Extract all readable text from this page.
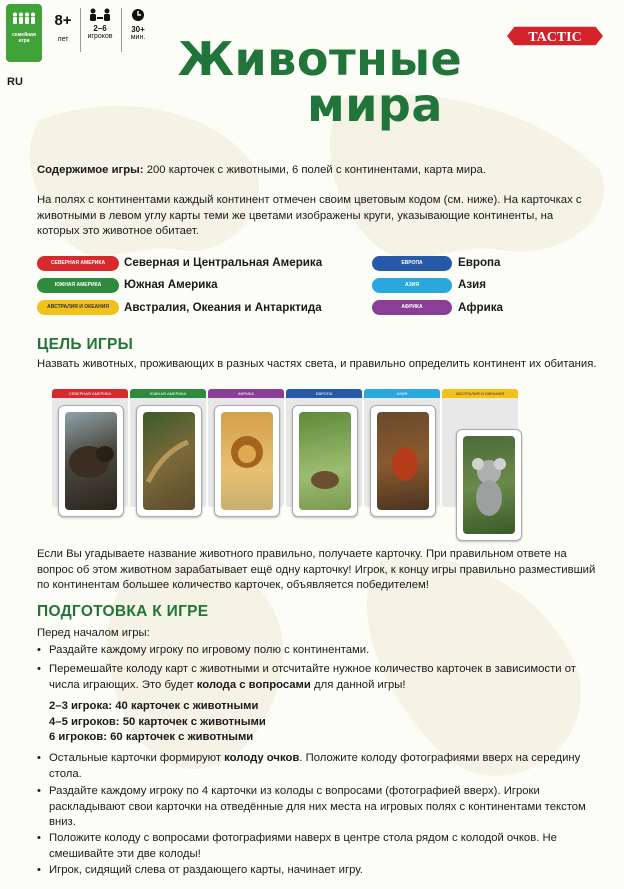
семейная игра
RU
8+
лет
2–6
игроков
30+
мин.	TACTIC
Животные
мира
Содержимое игры: 200 карточек с животными, 6 полей с континентами, карта мира.
На полях с континентами каждый континент отмечен своим цветовым кодом (см. ниже). На карточках с животными в левом углу карты теми же цветами изображены круги, указывающие континенты, на которых это животное обитает.
СЕВЕРНАЯ АМЕРИКА	Северная и Центральная Америка
ЮЖНАЯ АМЕРИКА	Южная Америка
АВСТРАЛИЯ И ОКЕАНИЯ	Австралия, Океания и Антарктида
ЕВРОПА	Европа
АЗИЯ	Азия
АФРИКА	Африка
ЦЕЛЬ ИГРЫ
Назвать животных, проживающих в разных частях света, и правильно определить континент их обитания.
СЕВЕРНАЯ АМЕРИКА	ЮЖНАЯ АМЕРИКА	АФРИКА	ЕВРОПА	АЗИЯ	АВСТРАЛИЯ И ОКЕАНИЯ
Если Вы угадываете название животного правильно, получаете карточку. При правильном ответе на вопрос об этом животном зарабатывает ещё одну карточку! Игрок, к концу игры правильно разместивший по континентам большее количество карточек, объявляется победителем!
ПОДГОТОВКА К ИГРЕ
Перед началом игры:
• Раздайте каждому игроку по игровому полю с континентами.
• Перемешайте колоду карт с животными и отсчитайте нужное количество карточек в зависимости от числа играющих. Это будет колода с вопросами для данной игры!
2–3 игрока: 40 карточек с животными
4–5 игроков: 50 карточек с животными
6 игроков: 60 карточек с животными
• Остальные карточки формируют колоду очков. Положите колоду фотографиями вверх на середину стола.
• Раздайте каждому игроку по 4 карточки из колоды с вопросами (фотографией вверх). Игроки раскладывают свои карточки на отведённые для них места на игровых полях с континентами текстом вниз.
• Положите колоду с вопросами фотографиями наверх в центре стола рядом с колодой очков. Не смешивайте эти две колоды!
• Игрок, сидящий слева от раздающего карты, начинает игру.
